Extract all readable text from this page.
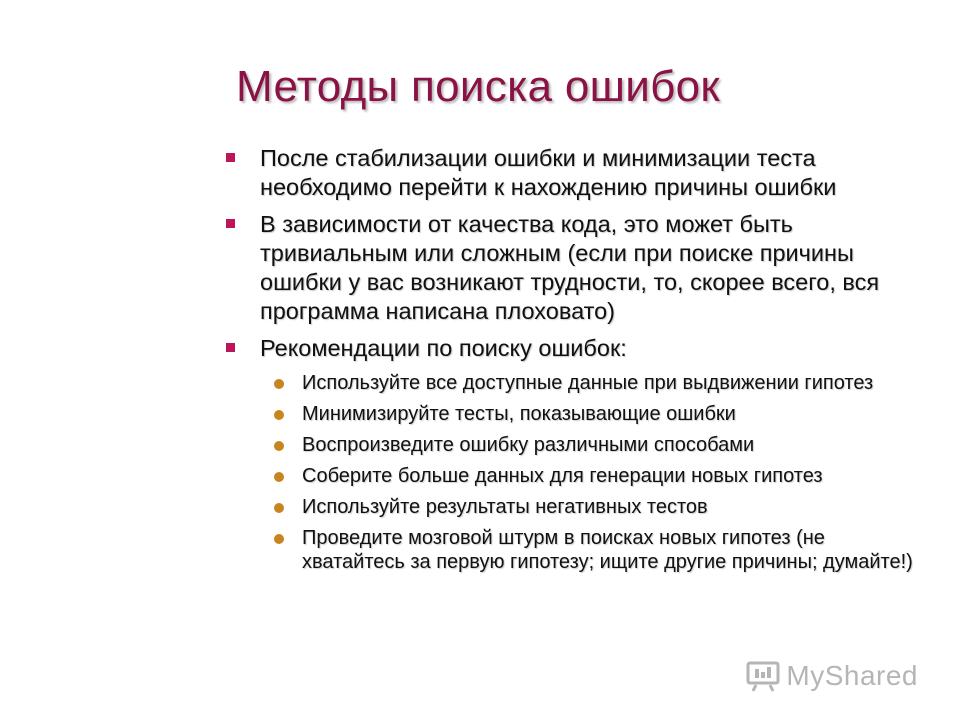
Методы поиска ошибок
После стабилизации ошибки и минимизации теста необходимо перейти к нахождению причины ошибки
В зависимости от качества кода, это может быть тривиальным или сложным (если при поиске причины ошибки у вас возникают трудности, то, скорее всего, вся программа написана плоховато)
Рекомендации по поиску ошибок:
Используйте все доступные данные при выдвижении гипотез
Минимизируйте тесты, показывающие ошибки
Воспроизведите ошибку различными способами
Соберите больше данных для генерации новых гипотез
Используйте результаты негативных тестов
Проведите мозговой штурм в поисках новых гипотез (не хватайтесь за первую гипотезу; ищите другие причины; думайте!)
MyShared
